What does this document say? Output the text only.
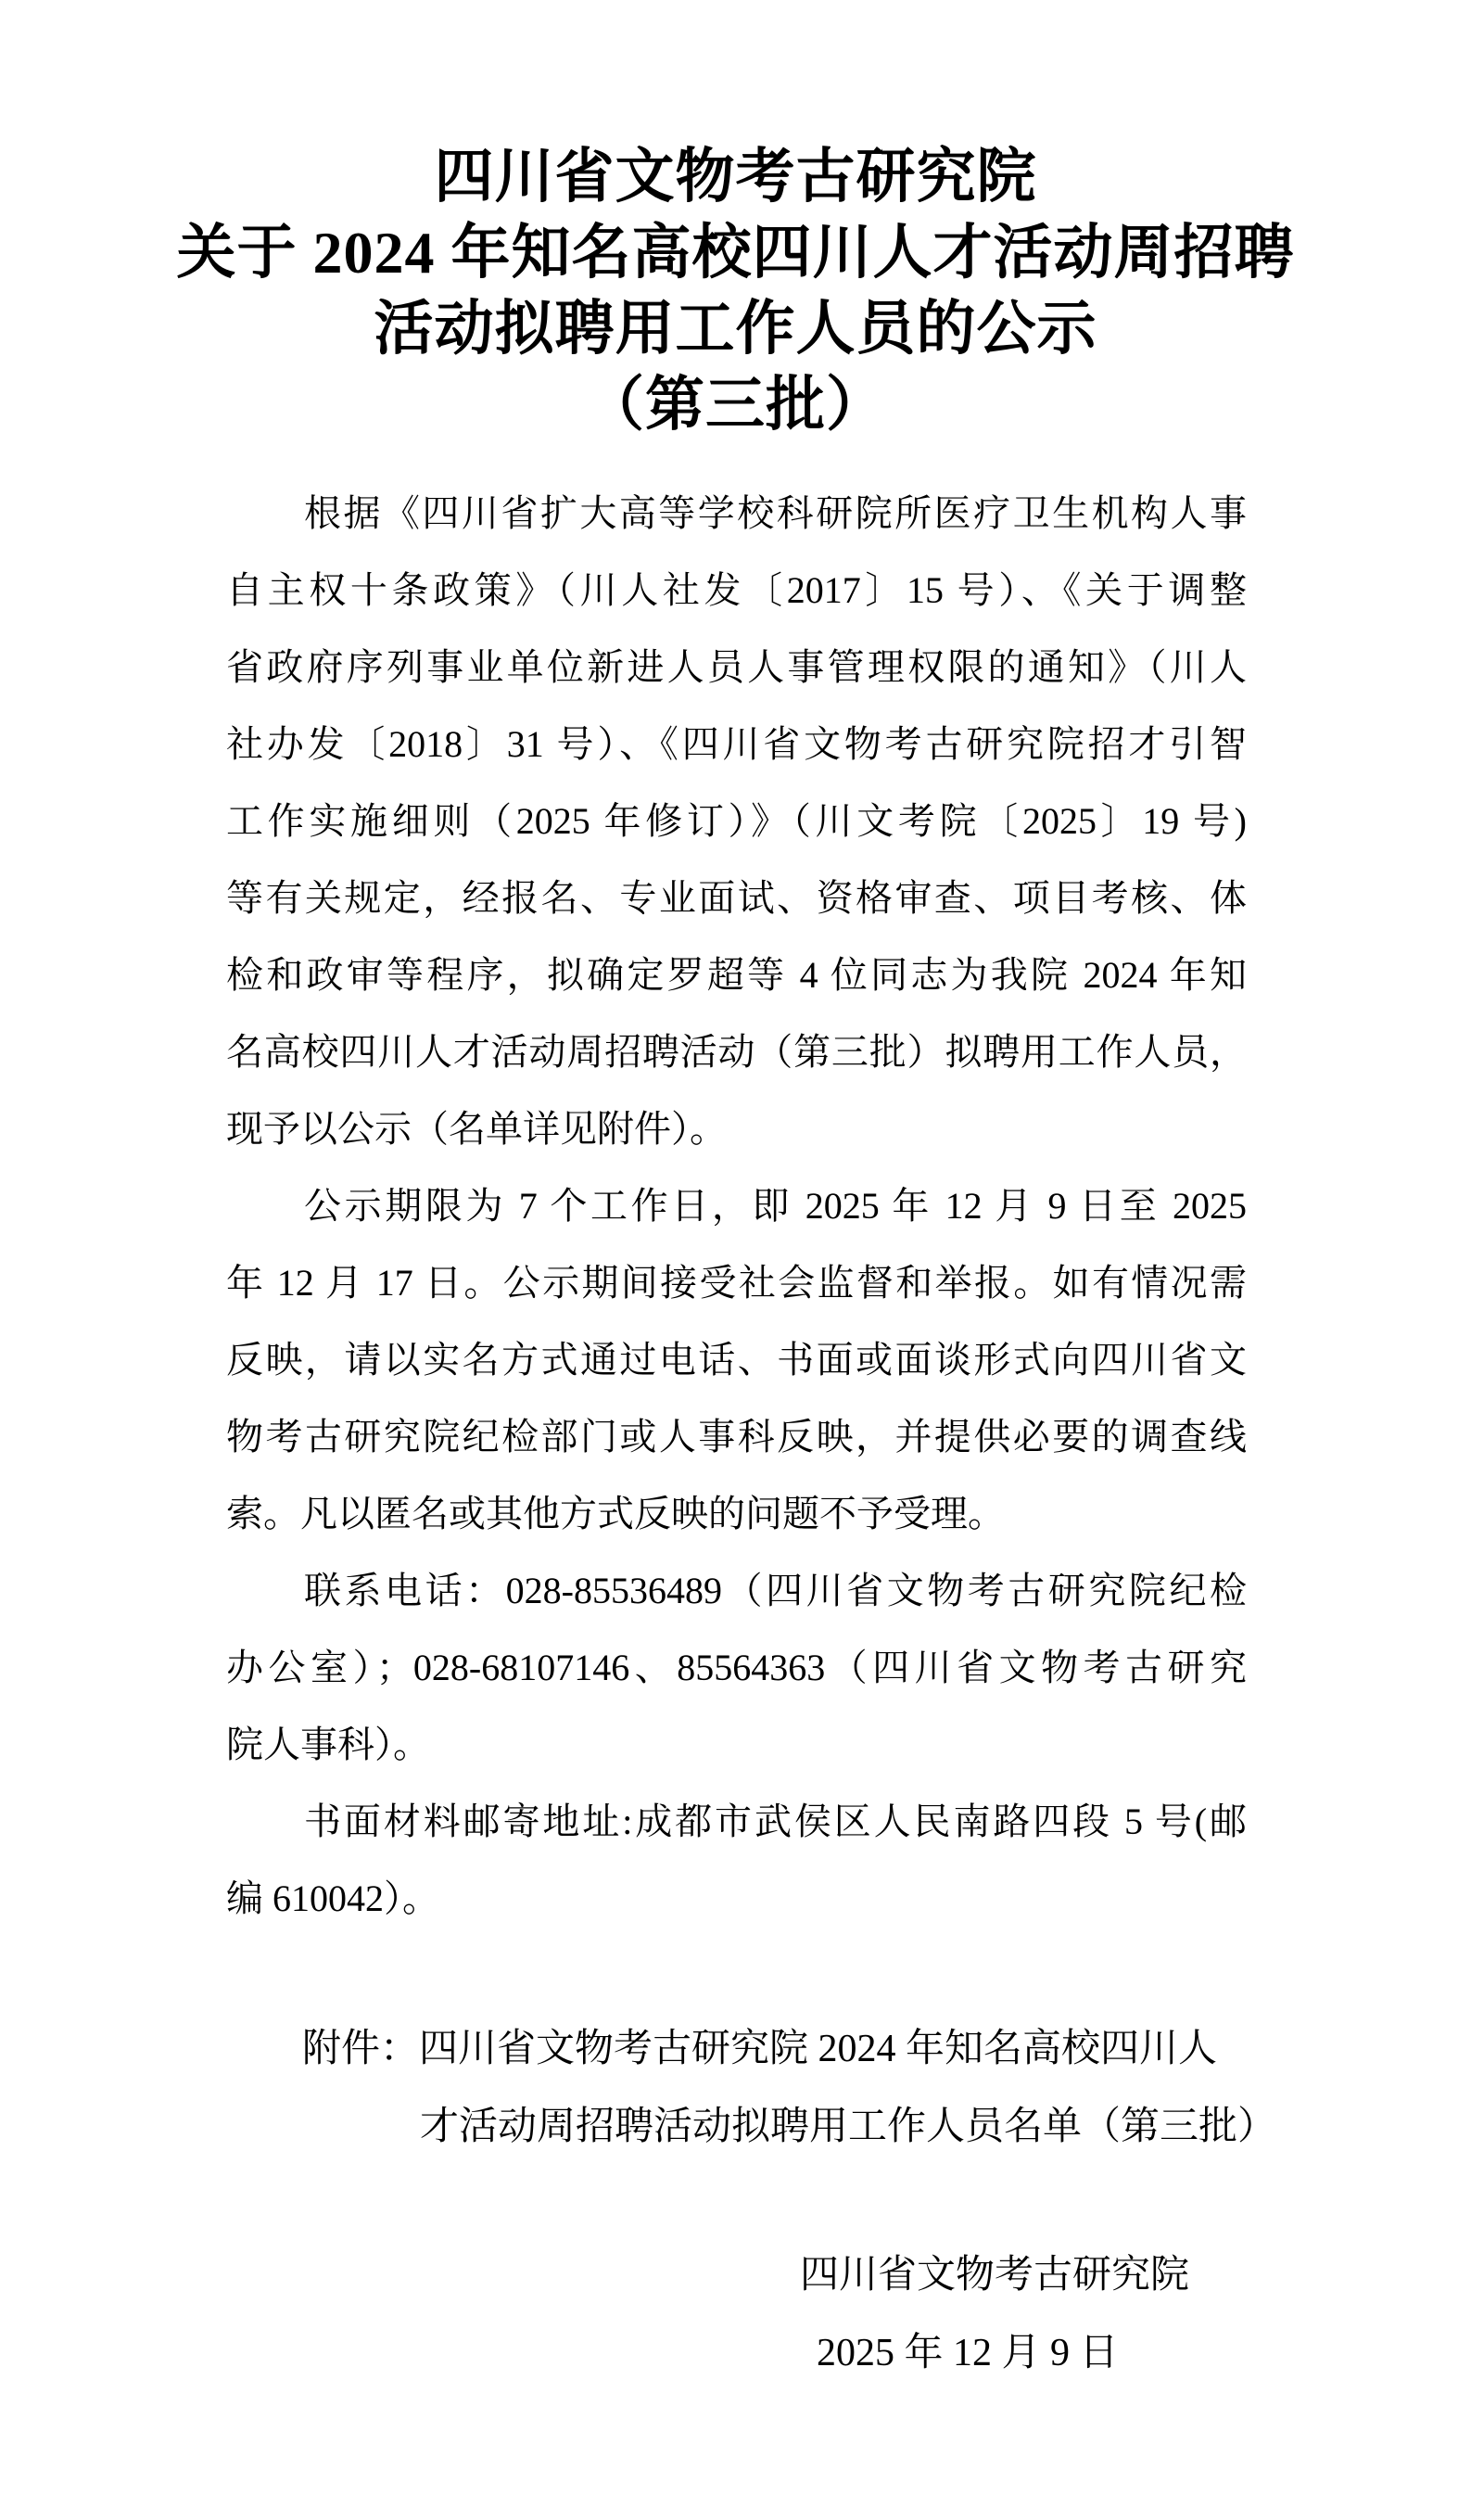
四川省文物考古研究院
关于 2024 年知名高校四川人才活动周招聘
活动拟聘用工作人员的公示
（第三批）
根据《四川省扩大高等学校科研院所医疗卫生机构人事
自主权十条政策》（川人社发〔2017〕15 号）、《关于调整
省政府序列事业单位新进人员人事管理权限的通知》（川人
社办发〔2018〕31 号）、《四川省文物考古研究院招才引智
工作实施细则（2025 年修订）》（川文考院〔2025〕19 号)
等有关规定，经报名、专业面试、资格审查、项目考核、体
检和政审等程序，拟确定罗超等 4 位同志为我院 2024 年知
名高校四川人才活动周招聘活动（第三批）拟聘用工作人员，
现予以公示（名单详见附件）。
公示期限为 7 个工作日，即 2025 年 12 月 9 日至 2025
年 12 月 17 日。公示期间接受社会监督和举报。如有情况需
反映，请以实名方式通过电话、书面或面谈形式向四川省文
物考古研究院纪检部门或人事科反映，并提供必要的调查线
索。凡以匿名或其他方式反映的问题不予受理。
联系电话：028-85536489（四川省文物考古研究院纪检
办公室）；028-68107146、85564363（四川省文物考古研究
院人事科）。
书面材料邮寄地址:成都市武侯区人民南路四段 5 号(邮
编 610042）。
附件：四川省文物考古研究院 2024 年知名高校四川人
才活动周招聘活动拟聘用工作人员名单（第三批）
四川省文物考古研究院
2025 年 12 月 9 日
